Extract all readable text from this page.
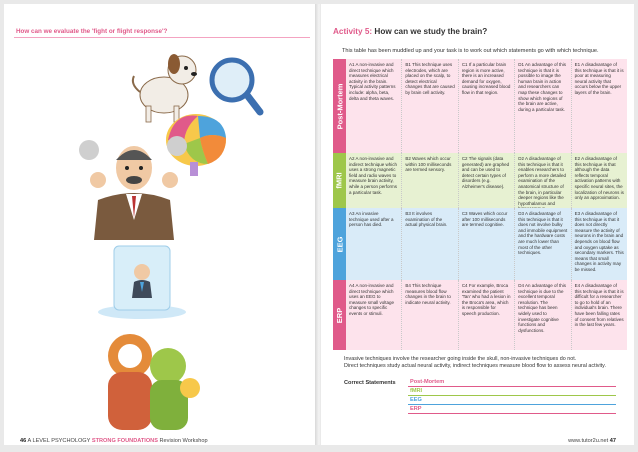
How can we evaluate the 'fight or flight response'?
46 A LEVEL PSYCHOLOGY STRONG FOUNDATIONS Revision Workshop
Activity 5: How can we study the brain?
This table has been muddled up and your task is to work out which statements go with which technique.
Post-Mortem
A1 A non-invasive and direct technique which measures electrical activity in the brain. Typical activity patterns include: alpha, beta, delta and theta waves.
B1 This technique uses electrodes, which are placed on the scalp, to detect electrical changes that are caused by brain cell activity.
C1 If a particular brain region is more active, there is an increased demand for oxygen, causing increased blood flow in that region.
D1 An advantage of this technique is that it is possible to image the human brain in action and researchers can map these changes to show which regions of the brain are active, during a particular task.
E1 A disadvantage of this technique is that it is poor at measuring neural activity that occurs below the upper layers of the brain.
fMRI
A2 A non-invasive and indirect technique which uses a strong magnetic field and radio waves to measure brain activity, while a person performs a particular task.
B2 Waves which occur within 100 milliseconds are termed sensory.
C2 The signals (data generated) are graphed and can be used to detect certain types of disorders (e.g. Alzheimer's disease).
D2 A disadvantage of this technique is that it enables researchers to perform a more detailed examination of the anatomical structure of the brain, in particular deeper regions like the hypothalamus and
E2 A disadvantage of this technique is that although the data reflects temporal activation patterns with specific neural sites, the localization of neurons is only an approximation.
EEG
A3 An invasive technique used after a person has died.
B3 It involves examination of the actual physical brain.
C3 Waves which occur after 100 milliseconds are termed cognitive.
D3 A disadvantage of this technique is that it does not involve bulky and immobile equipment and the hardware costs are much lower than most of the other techniques.
E3 A disadvantage of this technique is that it does not directly measure the activity of neurons in the brain and depends on blood flow and oxygen uptake as secondary markers. This means that small changes in activity may be missed.
ERP
A4 A non-invasive and direct technique which uses an EEG to measure small voltage changes to specific events or stimuli.
B4 This technique measures blood flow changes in the brain to indicate neural activity.
C4 For example, Broca examined the patient 'Tan' who had a lesion in the Broca's area, which is responsible for speech production.
D4 An advantage of this technique is due to the excellent temporal resolution. The technique has been widely used to investigate cognitive functions and dysfunctions.
E4 A disadvantage of this technique is that it is difficult for a researcher to go to hold of an individual's brain. There have been falling rates of consent from relatives in the last few years.
Invasive techniques involve the researcher going inside the skull, non-invasive techniques do not.
Direct techniques study actual neural activity, indirect techniques measure blood flow to assess neural activity.
Correct Statements	Post-Mortem
fMRI
EEG
ERP
www.tutor2u.net 47
